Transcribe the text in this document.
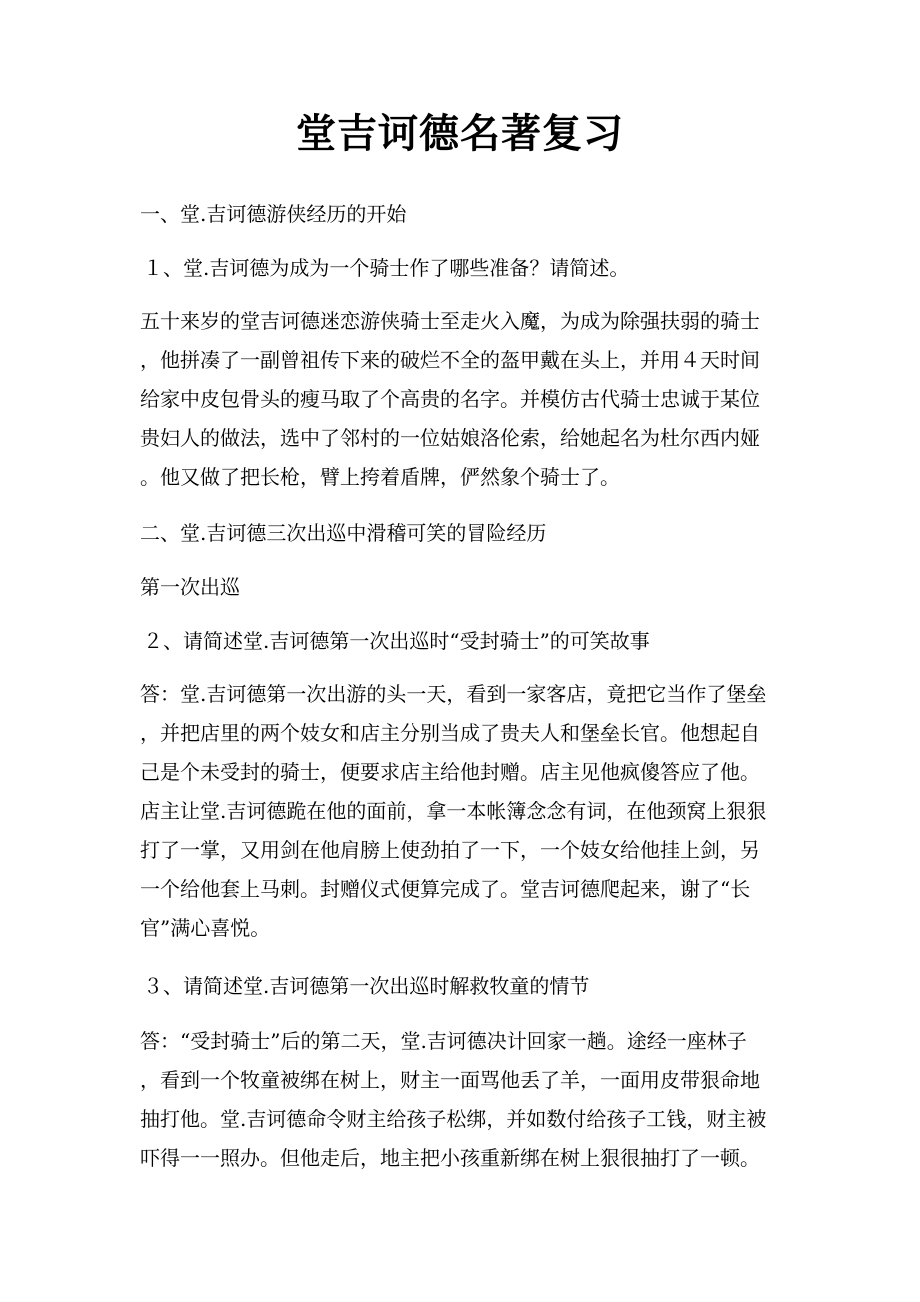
堂吉诃德名著复习

一、堂.吉诃德游侠经历的开始

１、堂.吉诃德为成为一个骑士作了哪些准备？请简述。

五十来岁的堂吉诃德迷恋游侠骑士至走火入魔，为成为除强扶弱的骑士
，他拼凑了一副曾祖传下来的破烂不全的盔甲戴在头上，并用４天时间
给家中皮包骨头的瘦马取了个高贵的名字。并模仿古代骑士忠诚于某位
贵妇人的做法，选中了邻村的一位姑娘洛伦索，给她起名为杜尔西内娅
。他又做了把长枪，臂上挎着盾牌，俨然象个骑士了。

二、堂.吉诃德三次出巡中滑稽可笑的冒险经历

第一次出巡

２、请简述堂.吉诃德第一次出巡时“受封骑士”的可笑故事

答：堂.吉诃德第一次出游的头一天，看到一家客店，竟把它当作了堡垒
，并把店里的两个妓女和店主分别当成了贵夫人和堡垒长官。他想起自
己是个未受封的骑士，便要求店主给他封赠。店主见他疯傻答应了他。
店主让堂.吉诃德跪在他的面前，拿一本帐簿念念有词，在他颈窝上狠狠
打了一掌，又用剑在他肩膀上使劲拍了一下，一个妓女给他挂上剑，另
一个给他套上马刺。封赠仪式便算完成了。堂吉诃德爬起来，谢了“长
官”满心喜悦。

３、请简述堂.吉诃德第一次出巡时解救牧童的情节

答：“受封骑士”后的第二天，堂.吉诃德决计回家一趟。途经一座林子
，看到一个牧童被绑在树上，财主一面骂他丢了羊，一面用皮带狠命地
抽打他。堂.吉诃德命令财主给孩子松绑，并如数付给孩子工钱，财主被
吓得一一照办。但他走后，地主把小孩重新绑在树上狠很抽打了一顿。
